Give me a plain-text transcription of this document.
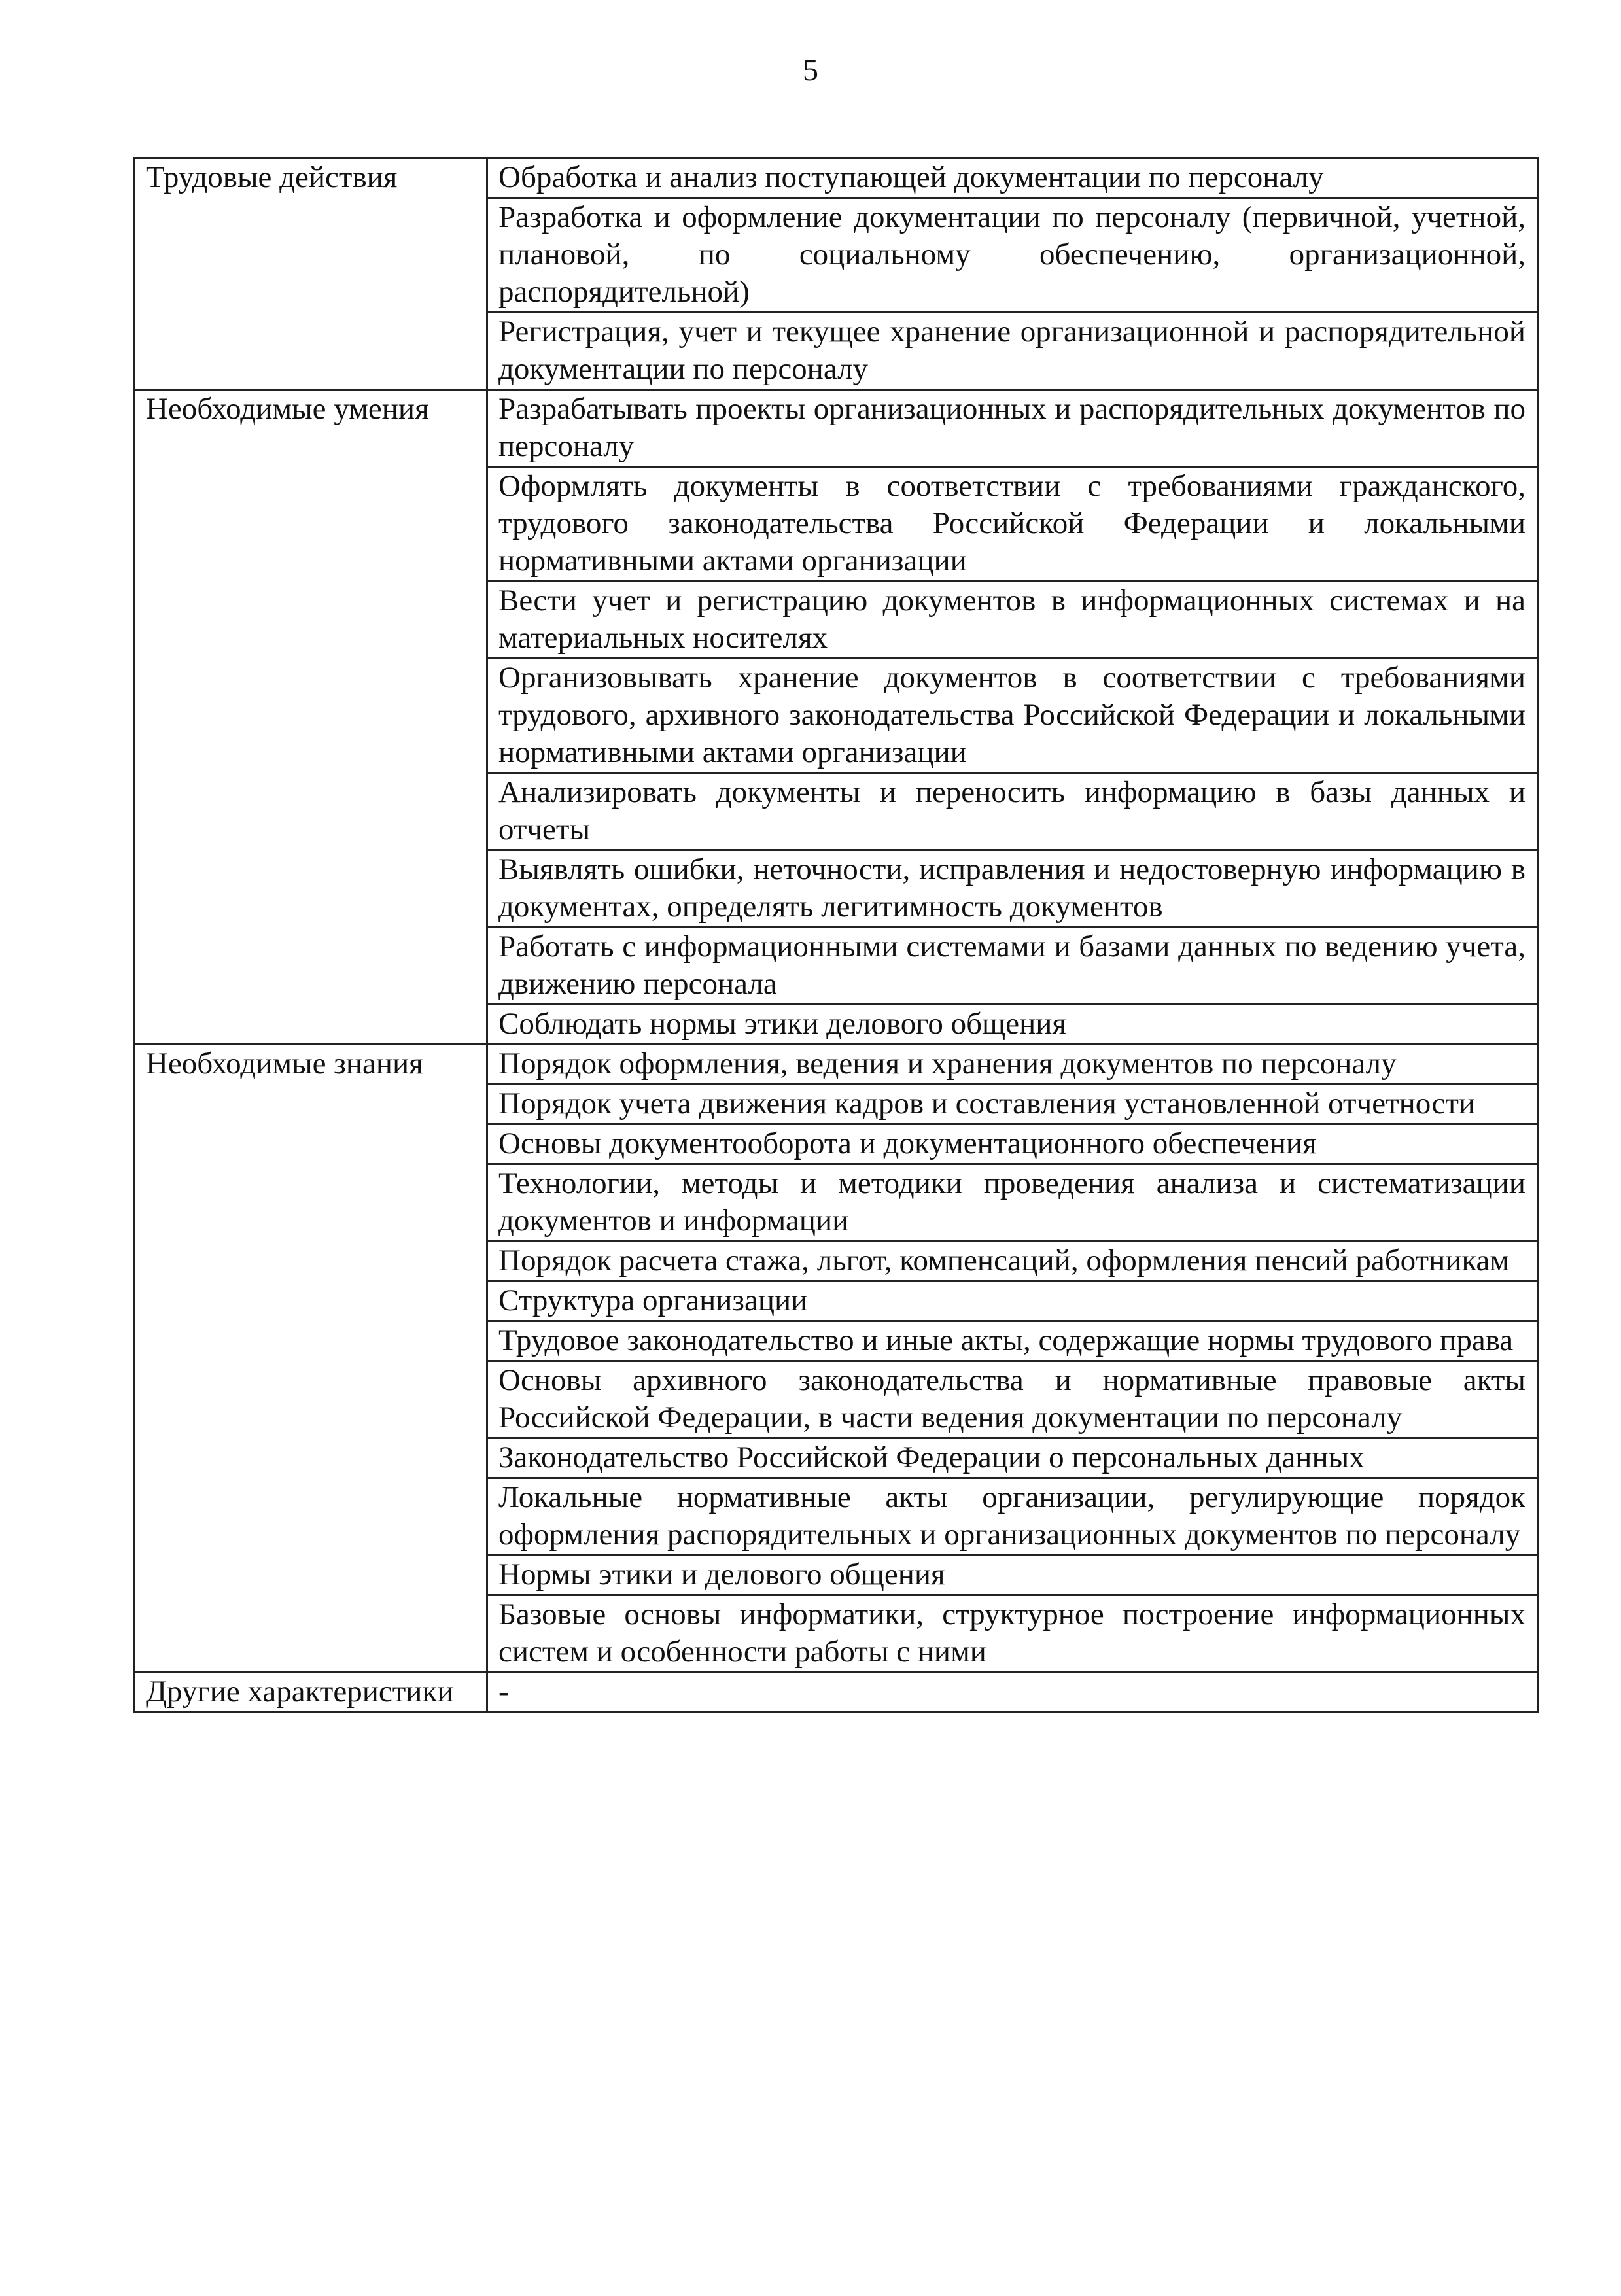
5
Трудовые действия	Обработка и анализ поступающей документации по персоналу
	Разработка и оформление документации по персоналу (первичной, учетной, плановой, по социальному обеспечению, организационной, распорядительной)
	Регистрация, учет и текущее хранение организационной и распорядительной документации по персоналу
Необходимые умения	Разрабатывать проекты организационных и распорядительных документов по персоналу
	Оформлять документы в соответствии с требованиями гражданского, трудового законодательства Российской Федерации и локальными нормативными актами организации
	Вести учет и регистрацию документов в информационных системах и на материальных носителях
	Организовывать хранение документов в соответствии с требованиями трудового, архивного законодательства Российской Федерации и локальными нормативными актами организации
	Анализировать документы и переносить информацию в базы данных и отчеты
	Выявлять ошибки, неточности, исправления и недостоверную информацию в документах, определять легитимность документов
	Работать с информационными системами и базами данных по ведению учета, движению персонала
	Соблюдать нормы этики делового общения
Необходимые знания	Порядок оформления, ведения и хранения документов по персоналу
	Порядок учета движения кадров и составления установленной отчетности
	Основы документооборота и документационного обеспечения
	Технологии, методы и методики проведения анализа и систематизации документов и информации
	Порядок расчета стажа, льгот, компенсаций, оформления пенсий работникам
	Структура организации
	Трудовое законодательство и иные акты, содержащие нормы трудового права
	Основы архивного законодательства и нормативные правовые акты Российской Федерации, в части ведения документации по персоналу
	Законодательство Российской Федерации о персональных данных
	Локальные нормативные акты организации, регулирующие порядок оформления распорядительных и организационных документов по персоналу
	Нормы этики и делового общения
	Базовые основы информатики, структурное построение информационных систем и особенности работы с ними
Другие характеристики	-
